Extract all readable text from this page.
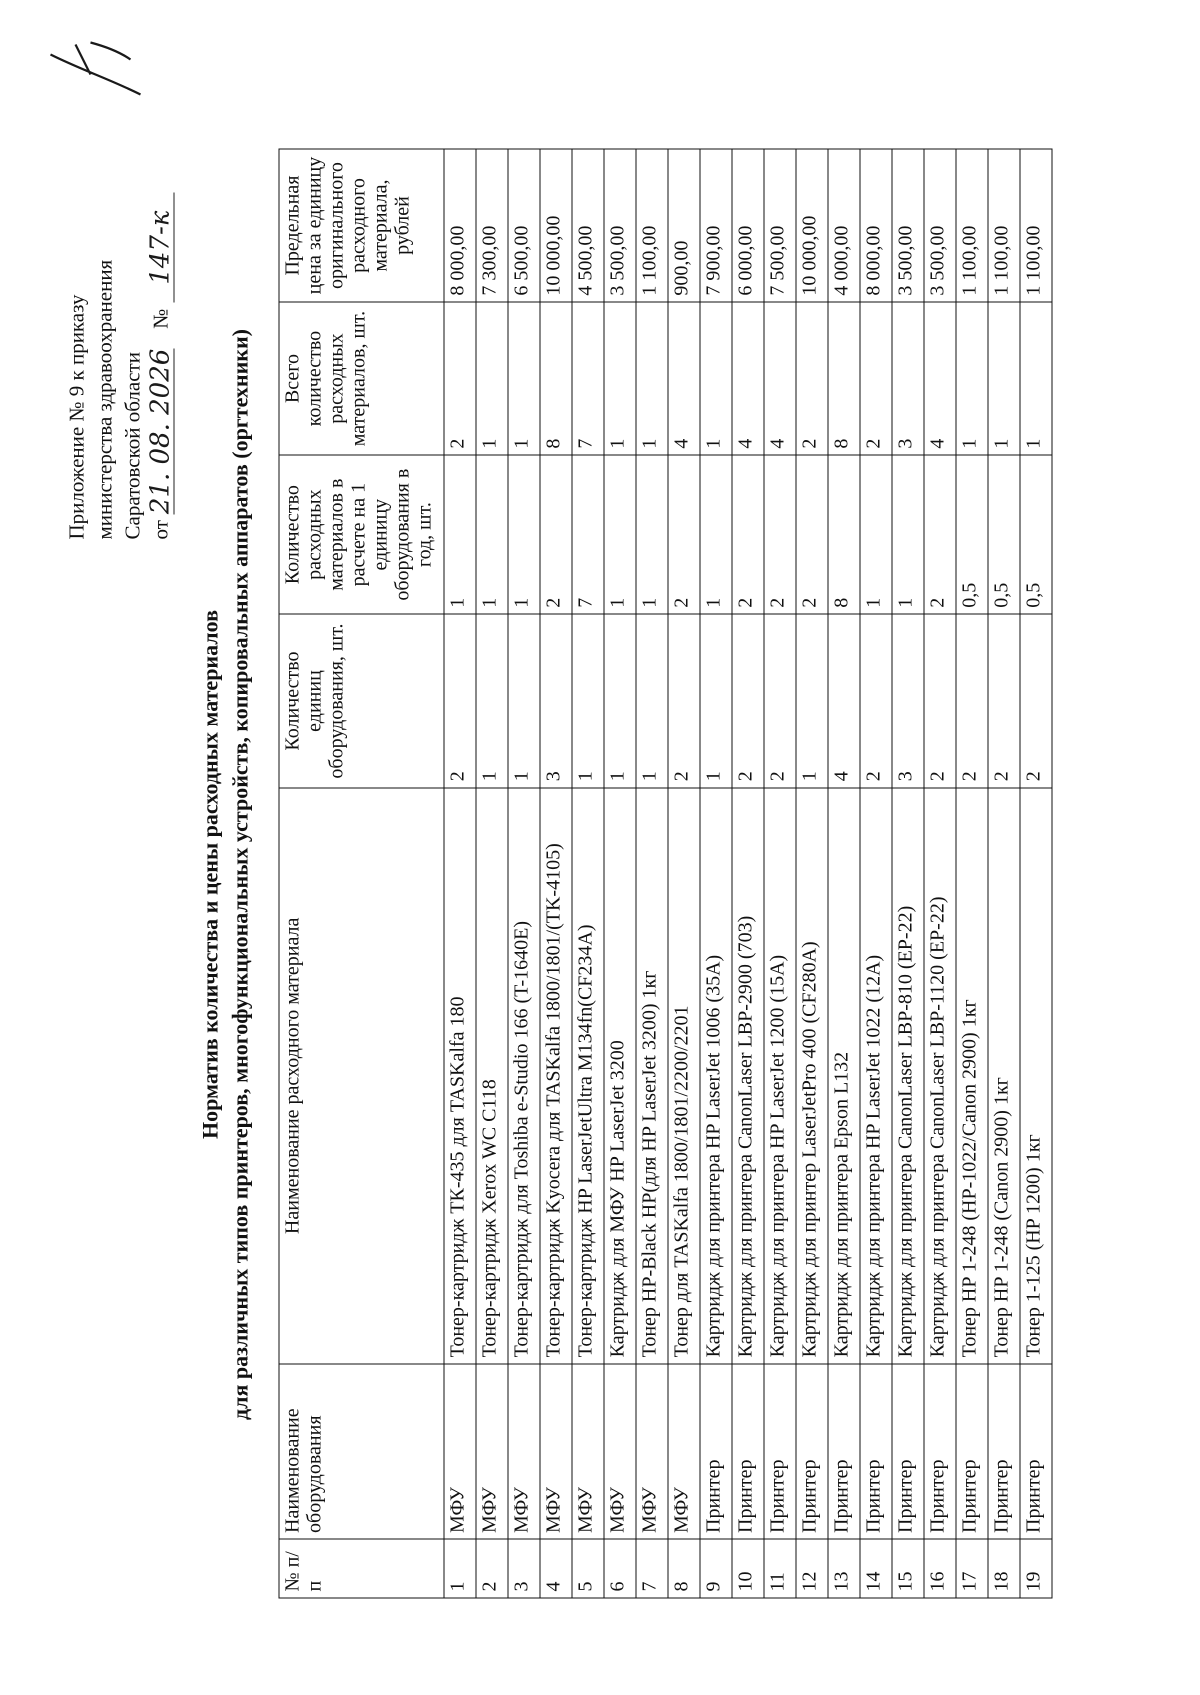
Приложение № 9 к приказу министерства здравоохранения Саратовской области от
21. 08. 2026
№
147-к
Норматив количества и цены расходных материалов для различных типов принтеров, многофункциональных устройств, копировальных аппаратов (оргтехники)
№ п/п	Наименование оборудования	Наименование расходного материала	Количество единиц оборудования, шт.	Количество расходных материалов в расчете на 1 единицу оборудования в год, шт.	Всего количество расходных материалов, шт.	Предельная цена за единицу оригинального расходного материала, рублей
1	МФУ	Тонер-картридж ТК-435 для TASKalfa 180	2	1	2	8 000,00
2	МФУ	Тонер-картридж Xerox WC C118	1	1	1	7 300,00
3	МФУ	Тонер-картридж для Toshiba e-Studio 166 (T-1640E)	1	1	1	6 500,00
4	МФУ	Тонер-картридж Kyocera для TASKalfa 1800/1801/(TK-4105)	3	2	8	10 000,00
5	МФУ	Тонер-картридж HP LaserJetUltra M134fn(CF234A)	1	7	7	4 500,00
6	МФУ	Картридж для МФУ HP LaserJet 3200	1	1	1	3 500,00
7	МФУ	Тонер HP-Black HP(для HP LaserJet 3200) 1кг	1	1	1	1 100,00
8	МФУ	Тонер для TASKalfa 1800/1801/2200/2201	2	2	4	900,00
9	Принтер	Картридж для принтера HP LaserJet 1006 (35A)	1	1	1	7 900,00
10	Принтер	Картридж для принтера CanonLaser LBP-2900 (703)	2	2	4	6 000,00
11	Принтер	Картридж для принтера HP LaserJet 1200 (15A)	2	2	4	7 500,00
12	Принтер	Картридж для принтер LaserJetPro 400 (CF280A)	1	2	2	10 000,00
13	Принтер	Картридж для принтера Epson L132	4	8	8	4 000,00
14	Принтер	Картридж для принтера HP LaserJet 1022 (12A)	2	1	2	8 000,00
15	Принтер	Картридж для принтера CanonLaser LBP-810 (EP-22)	3	1	3	3 500,00
16	Принтер	Картридж для принтера CanonLaser LBP-1120 (EP-22)	2	2	4	3 500,00
17	Принтер	Тонер HP 1-248 (HP-1022/Canon 2900) 1кг	2	0,5	1	1 100,00
18	Принтер	Тонер HP 1-248 (Canon 2900) 1кг	2	0,5	1	1 100,00
19	Принтер	Тонер 1-125 (HP 1200) 1кг	2	0,5	1	1 100,00
